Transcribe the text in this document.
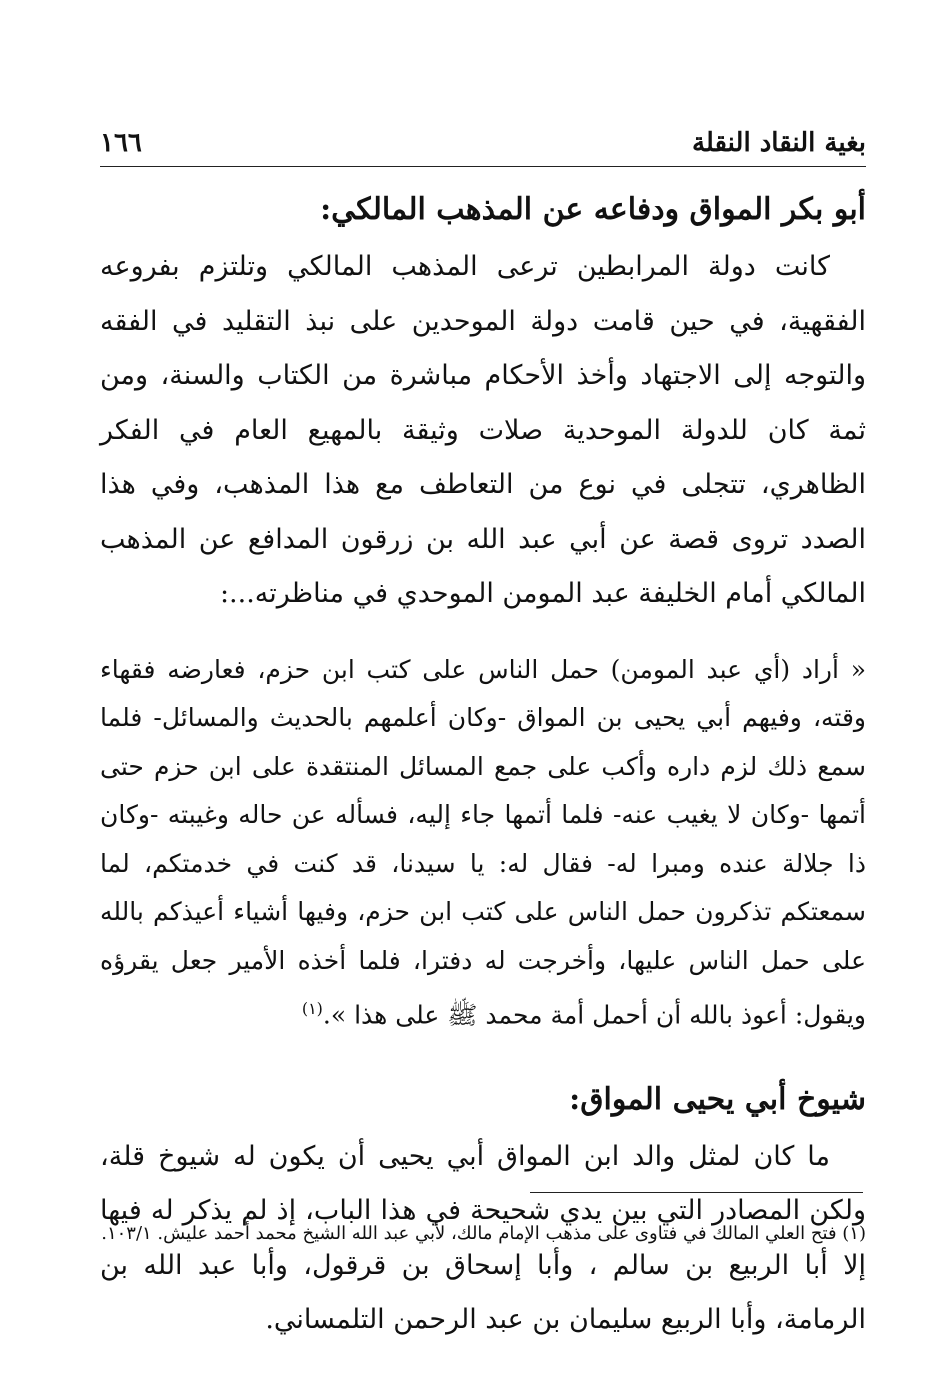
بغية النقاد النقلة
١٦٦
أبو بكر المواق ودفاعه عن المذهب المالكي:

كانت دولة المرابطين ترعى المذهب المالكي وتلتزم بفروعه الفقهية، في حين قامت دولة الموحدين على نبذ التقليد في الفقه والتوجه إلى الاجتهاد وأخذ الأحكام مباشرة من الكتاب والسنة، ومن ثمة كان للدولة الموحدية صلات وثيقة بالمهيع العام في الفكر الظاهري، تتجلى في نوع من التعاطف مع هذا المذهب، وفي هذا الصدد تروى قصة عن أبي عبد الله بن زرقون المدافع عن المذهب المالكي أمام الخليفة عبد المومن الموحدي في مناظرته...:

« أراد (أي عبد المومن) حمل الناس على كتب ابن حزم، فعارضه فقهاء وقته، وفيهم أبي يحيى بن المواق -وكان أعلمهم بالحديث والمسائل- فلما سمع ذلك لزم داره وأكب على جمع المسائل المنتقدة على ابن حزم حتى أتمها -وكان لا يغيب عنه- فلما أتمها جاء إليه، فسأله عن حاله وغيبته -وكان ذا جلالة عنده ومبرا له- فقال له: يا سيدنا، قد كنت في خدمتكم، لما سمعتكم تذكرون حمل الناس على كتب ابن حزم، وفيها أشياء أعيذكم بالله على حمل الناس عليها، وأخرجت له دفترا، فلما أخذه الأمير جعل يقرؤه ويقول: أعوذ بالله أن أحمل أمة محمد ﷺ على هذا ».$^{(١)}$

شيوخ أبي يحيى المواق:

ما كان لمثل والد ابن المواق أبي يحيى أن يكون له شيوخ قلة، ولكن المصادر التي بين يدي شحيحة في هذا الباب، إذ لم يذكر له فيها إلا أبا الربيع بن سالم ، وأبا إسحاق بن قرقول، وأبا عبد الله بن الرمامة، وأبا الربيع سليمان بن عبد الرحمن التلمساني.

(١) فتح العلي المالك في فتاوى على مذهب الإمام مالك، لأبي عبد الله الشيخ محمد أحمد عليش. ١٠٣/١.
